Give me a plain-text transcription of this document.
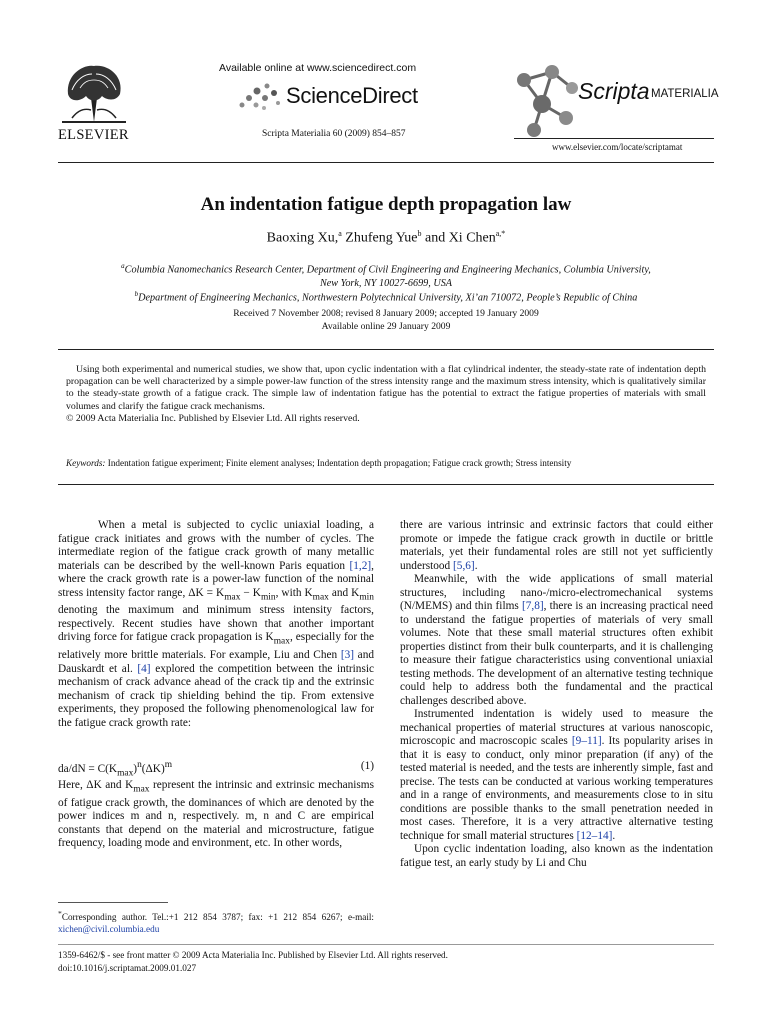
ELSEVIER
Available online at www.sciencedirect.com
ScienceDirect
Scripta Materialia 60 (2009) 854–857
Scripta MATERIALIA
www.elsevier.com/locate/scriptamat
An indentation fatigue depth propagation law
Baoxing Xu,$^a$ Zhufeng Yue$^b$ and Xi Chen$^{a,*}$
$^a$Columbia Nanomechanics Research Center, Department of Civil Engineering and Engineering Mechanics, Columbia University,
New York, NY 10027-6699, USA
$^b$Department of Engineering Mechanics, Northwestern Polytechnical University, Xi’an 710072, People’s Republic of China
Received 7 November 2008; revised 8 January 2009; accepted 19 January 2009
Available online 29 January 2009
Using both experimental and numerical studies, we show that, upon cyclic indentation with a flat cylindrical indenter, the steady-state rate of indentation depth propagation can be well characterized by a simple power-law function of the stress intensity range and the maximum stress intensity, which is qualitatively similar to the steady-state growth of a fatigue crack. The simple law of indentation fatigue has the potential to extract the fatigue properties of materials with small volumes and clarify the fatigue crack mechanisms.
© 2009 Acta Materialia Inc. Published by Elsevier Ltd. All rights reserved.
Keywords: Indentation fatigue experiment; Finite element analyses; Indentation depth propagation; Fatigue crack growth; Stress intensity

When a metal is subjected to cyclic uniaxial loading, a fatigue crack initiates and grows with the number of cycles. The intermediate region of the fatigue crack growth of many metallic materials can be described by the well-known Paris equation [1,2], where the crack growth rate is a power-law function of the nominal stress intensity factor range, $\Delta K = K_{max} - K_{min}$, with $K_{max}$ and $K_{min}$ denoting the maximum and minimum stress intensity factors, respectively. Recent studies have shown that another important driving force for fatigue crack propagation is $K_{max}$, especially for the relatively more brittle materials. For example, Liu and Chen [3] and Dauskardt et al. [4] explored the competition between the intrinsic mechanism of crack advance ahead of the crack tip and the extrinsic mechanism of crack tip shielding behind the tip. From extensive experiments, they proposed the following phenomenological law for the fatigue crack growth rate:

$da/dN = C(K_{max})^n(\Delta K)^m$	(1)

Here, ΔK and $K_{max}$ represent the intrinsic and extrinsic mechanisms of fatigue crack growth, the dominances of which are denoted by the power indices m and n, respectively. m, n and C are empirical constants that depend on the material and microstructure, fatigue frequency, loading mode and environment, etc. In other words,

*Corresponding author. Tel.:+1 212 854 3787; fax: +1 212 854 6267; e-mail: xichen@civil.columbia.edu

there are various intrinsic and extrinsic factors that could either promote or impede the fatigue crack growth in ductile or brittle materials, yet their fundamental roles are still not yet sufficiently understood [5,6].

Meanwhile, with the wide applications of small material structures, including nano-/micro-electromechanical systems (N/MEMS) and thin films [7,8], there is an increasing practical need to understand the fatigue properties of materials of very small volumes. Note that these small material structures often exhibit properties distinct from their bulk counterparts, and it is challenging to measure their fatigue characteristics using conventional uniaxial testing methods. The development of an alternative testing technique could help to address both the fundamental and the practical challenges described above.

Instrumented indentation is widely used to measure the mechanical properties of material structures at various nanoscopic, microscopic and macroscopic scales [9–11]. Its popularity arises in that it is easy to conduct, only minor preparation (if any) of the tested material is needed, and the tests are inherently simple, fast and precise. The tests can be conducted at various working temperatures and in a range of environments, and measurements close to in situ conditions are possible thanks to the small penetration needed in most cases. Therefore, it is a very attractive alternative testing technique for small material structures [12–14].

Upon cyclic indentation loading, also known as the indentation fatigue test, an early study by Li and Chu

1359-6462/$ - see front matter © 2009 Acta Materialia Inc. Published by Elsevier Ltd. All rights reserved.
doi:10.1016/j.scriptamat.2009.01.027
